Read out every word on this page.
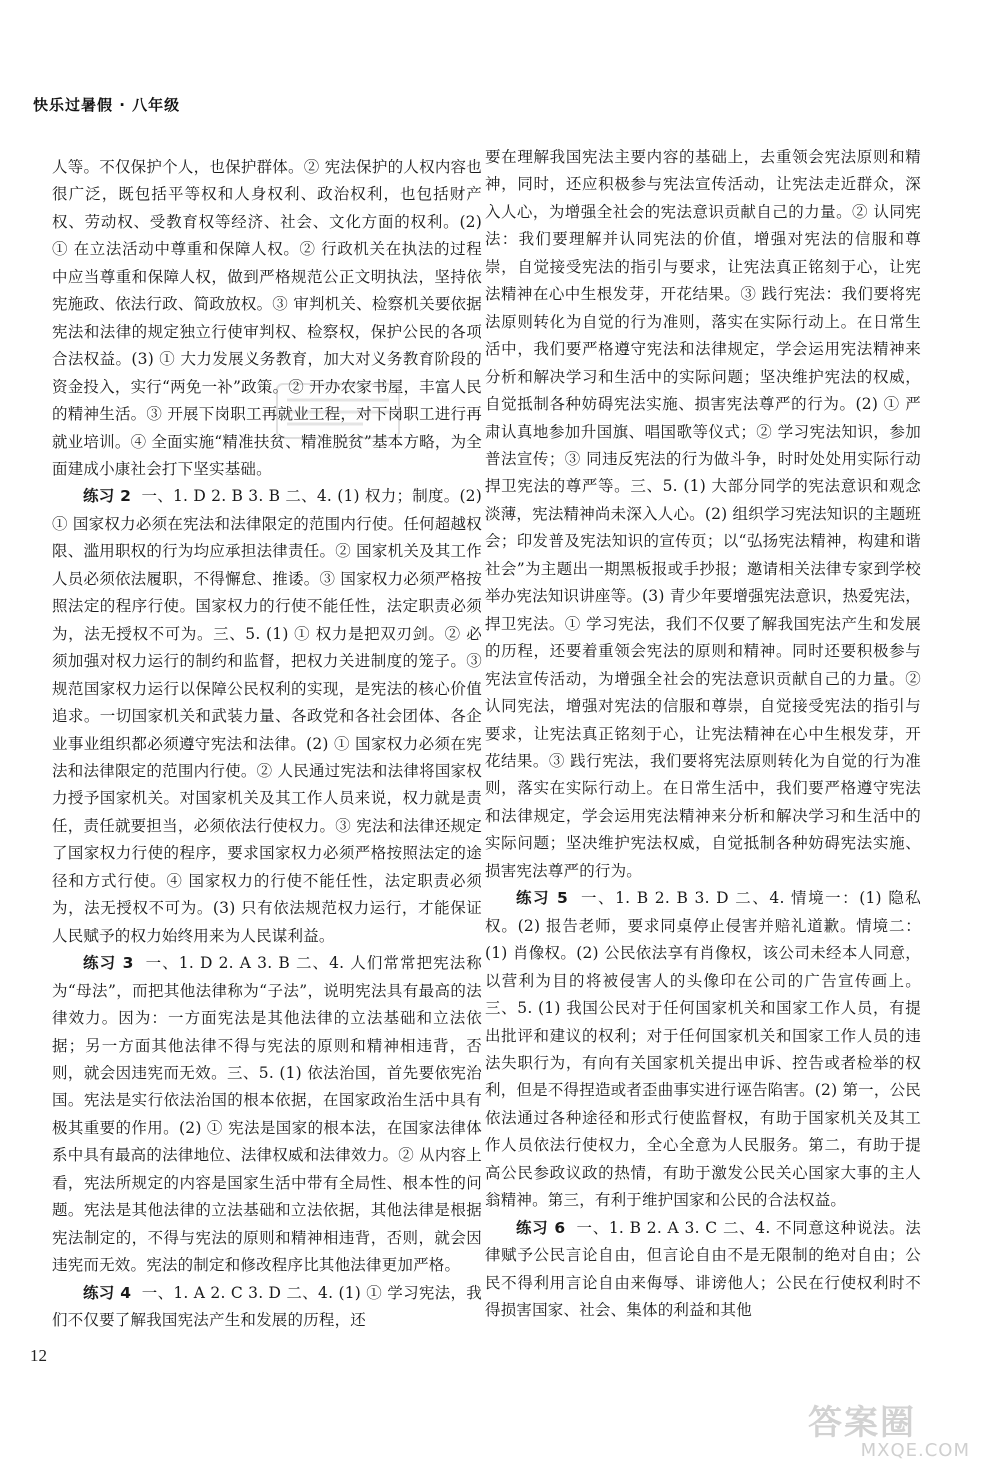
快乐过暑假 · 八年级

人等。不仅保护个人，也保护群体。② 宪法保护的人权内容也很广泛，既包括平等权和人身权利、政治权利，也包括财产权、劳动权、受教育权等经济、社会、文化方面的权利。(2) ① 在立法活动中尊重和保障人权。② 行政机关在执法的过程中应当尊重和保障人权，做到严格规范公正文明执法，坚持依宪施政、依法行政、简政放权。③ 审判机关、检察机关要依据宪法和法律的规定独立行使审判权、检察权，保护公民的各项合法权益。(3) ① 大力发展义务教育，加大对义务教育阶段的资金投入，实行“两免一补”政策。② 开办农家书屋，丰富人民的精神生活。③ 开展下岗职工再就业工程，对下岗职工进行再就业培训。④ 全面实施“精准扶贫、精准脱贫”基本方略，为全面建成小康社会打下坚实基础。

练习 2 一、1. D 2. B 3. B 二、4. (1) 权力；制度。(2) ① 国家权力必须在宪法和法律限定的范围内行使。任何超越权限、滥用职权的行为均应承担法律责任。② 国家机关及其工作人员必须依法履职，不得懈怠、推诿。③ 国家权力必须严格按照法定的程序行使。国家权力的行使不能任性，法定职责必须为，法无授权不可为。三、5. (1) ① 权力是把双刃剑。② 必须加强对权力运行的制约和监督，把权力关进制度的笼子。③ 规范国家权力运行以保障公民权利的实现，是宪法的核心价值追求。一切国家机关和武装力量、各政党和各社会团体、各企业事业组织都必须遵守宪法和法律。(2) ① 国家权力必须在宪法和法律限定的范围内行使。② 人民通过宪法和法律将国家权力授予国家机关。对国家机关及其工作人员来说，权力就是责任，责任就要担当，必须依法行使权力。③ 宪法和法律还规定了国家权力行使的程序，要求国家权力必须严格按照法定的途径和方式行使。④ 国家权力的行使不能任性，法定职责必须为，法无授权不可为。(3) 只有依法规范权力运行，才能保证人民赋予的权力始终用来为人民谋利益。

练习 3 一、1. D 2. A 3. B 二、4. 人们常常把宪法称为“母法”，而把其他法律称为“子法”，说明宪法具有最高的法律效力。因为：一方面宪法是其他法律的立法基础和立法依据；另一方面其他法律不得与宪法的原则和精神相违背，否则，就会因违宪而无效。三、5. (1) 依法治国，首先要依宪治国。宪法是实行依法治国的根本依据，在国家政治生活中具有极其重要的作用。(2) ① 宪法是国家的根本法，在国家法律体系中具有最高的法律地位、法律权威和法律效力。② 从内容上看，宪法所规定的内容是国家生活中带有全局性、根本性的问题。宪法是其他法律的立法基础和立法依据，其他法律是根据宪法制定的，不得与宪法的原则和精神相违背，否则，就会因违宪而无效。宪法的制定和修改程序比其他法律更加严格。

练习 4 一、1. A 2. C 3. D 二、4. (1) ① 学习宪法，我们不仅要了解我国宪法产生和发展的历程，还

要在理解我国宪法主要内容的基础上，去重领会宪法原则和精神，同时，还应积极参与宪法宣传活动，让宪法走近群众，深入人心，为增强全社会的宪法意识贡献自己的力量。② 认同宪法：我们要理解并认同宪法的价值，增强对宪法的信服和尊崇，自觉接受宪法的指引与要求，让宪法真正铭刻于心，让宪法精神在心中生根发芽，开花结果。③ 践行宪法：我们要将宪法原则转化为自觉的行为准则，落实在实际行动上。在日常生活中，我们要严格遵守宪法和法律规定，学会运用宪法精神来分析和解决学习和生活中的实际问题；坚决维护宪法的权威，自觉抵制各种妨碍宪法实施、损害宪法尊严的行为。(2) ① 严肃认真地参加升国旗、唱国歌等仪式；② 学习宪法知识，参加普法宣传；③ 同违反宪法的行为做斗争，时时处处用实际行动捍卫宪法的尊严等。三、5. (1) 大部分同学的宪法意识和观念淡薄，宪法精神尚未深入人心。(2) 组织学习宪法知识的主题班会；印发普及宪法知识的宣传页；以“弘扬宪法精神，构建和谐社会”为主题出一期黑板报或手抄报；邀请相关法律专家到学校举办宪法知识讲座等。(3) 青少年要增强宪法意识，热爱宪法，捍卫宪法。① 学习宪法，我们不仅要了解我国宪法产生和发展的历程，还要着重领会宪法的原则和精神。同时还要积极参与宪法宣传活动，为增强全社会的宪法意识贡献自己的力量。② 认同宪法，增强对宪法的信服和尊崇，自觉接受宪法的指引与要求，让宪法真正铭刻于心，让宪法精神在心中生根发芽，开花结果。③ 践行宪法，我们要将宪法原则转化为自觉的行为准则，落实在实际行动上。在日常生活中，我们要严格遵守宪法和法律规定，学会运用宪法精神来分析和解决学习和生活中的实际问题；坚决维护宪法权威，自觉抵制各种妨碍宪法实施、损害宪法尊严的行为。

练习 5 一、1. B 2. B 3. D 二、4. 情境一：(1) 隐私权。(2) 报告老师，要求同桌停止侵害并赔礼道歉。情境二：(1) 肖像权。(2) 公民依法享有肖像权，该公司未经本人同意，以营利为目的将被侵害人的头像印在公司的广告宣传画上。三、5. (1) 我国公民对于任何国家机关和国家工作人员，有提出批评和建议的权利；对于任何国家机关和国家工作人员的违法失职行为，有向有关国家机关提出申诉、控告或者检举的权利，但是不得捏造或者歪曲事实进行诬告陷害。(2) 第一，公民依法通过各种途径和形式行使监督权，有助于国家机关及其工作人员依法行使权力，全心全意为人民服务。第二，有助于提高公民参政议政的热情，有助于激发公民关心国家大事的主人翁精神。第三，有利于维护国家和公民的合法权益。

练习 6 一、1. B 2. A 3. C 二、4. 不同意这种说法。法律赋予公民言论自由，但言论自由不是无限制的绝对自由；公民不得利用言论自由来侮辱、诽谤他人；公民在行使权利时不得损害国家、社会、集体的利益和其他

12
答案圈
MXQE.COM
